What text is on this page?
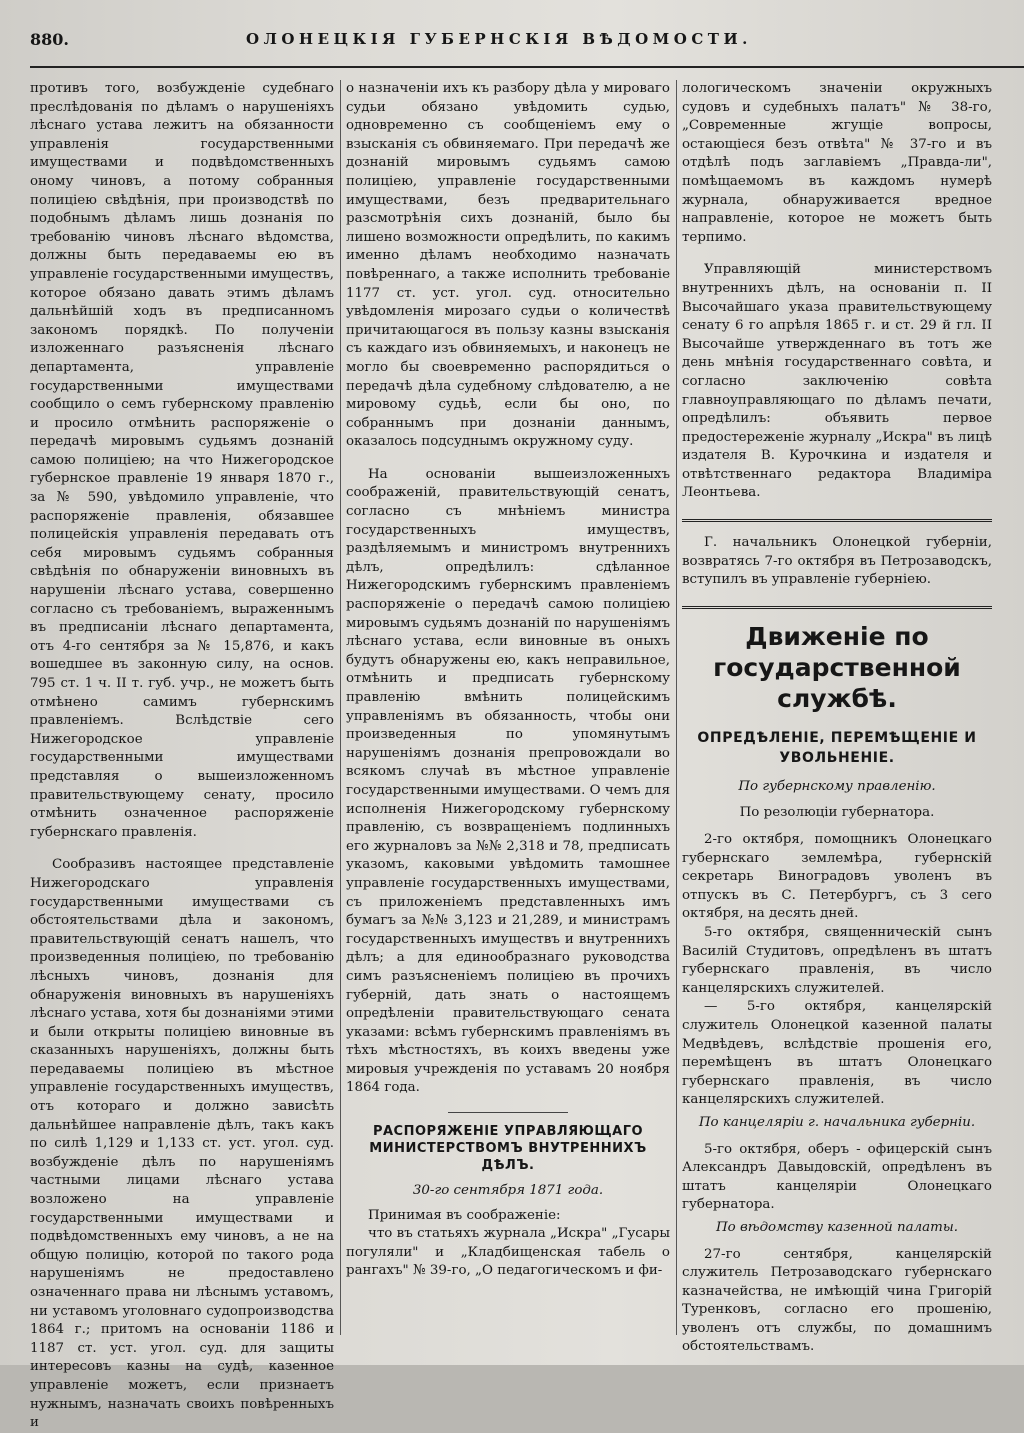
880.	ОЛОНЕЦКІЯ ГУБЕРНСКІЯ ВѢДОМОСТИ.

противъ того, возбужденіе судебнаго преслѣдованія по дѣламъ о нарушеніяхъ лѣснаго устава лежитъ на обязанности управленія государственными имуществами и подвѣдомственныхъ оному чиновъ, а потому собранныя полиціею свѣдѣнія, при производствѣ по подобнымъ дѣламъ лишь дознанія по требованію чиновъ лѣснаго вѣдомства, должны быть передаваемы ею въ управленіе государственными имуществъ, которое обязано давать этимъ дѣламъ дальнѣйшій ходъ въ предписанномъ закономъ порядкѣ. По полученіи изложеннаго разъясненія лѣснаго департамента, управленіе государственными имуществами сообщило о семъ губернскому правленію и просило отмѣнить распоряженіе о передачѣ мировымъ судьямъ дознаній самою полиціею; на что Нижегородское губернское правленіе 19 января 1870 г., за № 590, увѣдомило управленіе, что распоряженіе правленія, обязавшее полицейскія управленія передавать отъ себя мировымъ судьямъ собранныя свѣдѣнія по обнаруженіи виновныхъ въ нарушеніи лѣснаго устава, совершенно согласно съ требованіемъ, выраженнымъ въ предписаніи лѣснаго департамента, отъ 4-го сентября за № 15,876, и какъ вошедшее въ законную силу, на основ. 795 ст. 1 ч. II т. губ. учр., не можетъ быть отмѣнено самимъ губернскимъ правленіемъ. Вслѣдствіе сего Нижегородское управленіе государственными имуществами представляя о вышеизложенномъ правительствующему сенату, просило отмѣнить означенное распоряженіе губернскаго правленія.

Сообразивъ настоящее представленіе Нижегородскаго управленія государственными имуществами съ обстоятельствами дѣла и закономъ, правительствующій сенатъ нашелъ, что произведенныя полиціею, по требованію лѣсныхъ чиновъ, дознанія для обнаруженія виновныхъ въ нарушеніяхъ лѣснаго устава, хотя бы дознаніями этими и были открыты полиціею виновные въ сказанныхъ нарушеніяхъ, должны быть передаваемы полиціею въ мѣстное управленіе государственныхъ имуществъ, отъ котораго и должно зависѣть дальнѣйшее направленіе дѣлъ, такъ какъ по силѣ 1,129 и 1,133 ст. уст. угол. суд. возбужденіе дѣлъ по нарушеніямъ частными лицами лѣснаго устава возложено на управленіе государственными имуществами и подвѣдомственныхъ ему чиновъ, а не на общую полицію, которой по такого рода нарушеніямъ не предоставлено означеннаго права ни лѣснымъ уставомъ, ни уставомъ уголовнаго судопроизводства 1864 г.; притомъ на основаніи 1186 и 1187 ст. уст. угол. суд. для защиты интересовъ казны на судѣ, казенное управленіе можетъ, если признаетъ нужнымъ, назначать своихъ повѣренныхъ и

о назначеніи ихъ къ разбору дѣла у мироваго судьи обязано увѣдомить судью, одновременно съ сообщеніемъ ему о взысканія съ обвиняемаго. При передачѣ же дознаній мировымъ судьямъ самою полиціею, управленіе государственными имуществами, безъ предварительнаго разсмотрѣнія сихъ дознаній, было бы лишено возможности опредѣлить, по какимъ именно дѣламъ необходимо назначать повѣреннаго, а также исполнить требованіе 1177 ст. уст. угол. суд. относительно увѣдомленія мирозаго судьи о количествѣ причитающагося въ пользу казны взысканія съ каждаго изъ обвиняемыхъ, и наконецъ не могло бы своевременно распорядиться о передачѣ дѣла судебному слѣдователю, а не мировому судьѣ, если бы оно, по собраннымъ при дознаніи даннымъ, оказалось подсуднымъ окружному суду.

На основаніи вышеизложенныхъ соображеній, правительствующій сенатъ, согласно съ мнѣніемъ министра государственныхъ имуществъ, раздѣляемымъ и министромъ внутреннихъ дѣлъ, опредѣлилъ: сдѣланное Нижегородскимъ губернскимъ правленіемъ распоряженіе о передачѣ самою полиціею мировымъ судьямъ дознаній по нарушеніямъ лѣснаго устава, если виновные въ оныхъ будутъ обнаружены ею, какъ неправильное, отмѣнить и предписать губернскому правленію вмѣнить полицейскимъ управленіямъ въ обязанность, чтобы они произведенныя по упомянутымъ нарушеніямъ дознанія препровождали во всякомъ случаѣ въ мѣстное управленіе государственными имуществами. О чемъ для исполненія Нижегородскому губернскому правленію, съ возвращеніемъ подлинныхъ его журналовъ за №№ 2,318 и 78, предписать указомъ, каковыми увѣдомить тамошнее управленіе государственныхъ имуществами, съ приложеніемъ представленныхъ имъ бумагъ за №№ 3,123 и 21,289, и министрамъ государственныхъ имуществъ и внутреннихъ дѣлъ; а для единообразнаго руководства симъ разъясненіемъ полиціею въ прочихъ губерній, дать знать о настоящемъ опредѣленіи правительствующаго сената указами: всѣмъ губернскимъ правленіямъ въ тѣхъ мѣстностяхъ, въ коихъ введены уже мировыя учрежденія по уставамъ 20 ноября 1864 года.

РАСПОРЯЖЕНІЕ УПРАВЛЯЮЩАГО МИНИСТЕРСТВОМЪ ВНУТРЕННИХЪ ДѢЛЪ.
30-го сентября 1871 года.

Принимая въ соображеніе:

что въ статьяхъ журнала „Искра" „Гусары погуляли" и „Кладбищенская табель о рангахъ" № 39-го, „О педагогическомъ и фи-

лологическомъ значеніи окружныхъ судовъ и судебныхъ палатъ" № 38-го, „Современные жгущіе вопросы, остающіеся безъ отвѣта" № 37-го и въ отдѣлѣ подъ заглавіемъ „Правда-ли", помѣщаемомъ въ каждомъ нумерѣ журнала, обнаруживается вредное направленіе, которое не можетъ быть терпимо.

Управляющій министерствомъ внутреннихъ дѣлъ, на основаніи п. II Высочайшаго указа правительствующему сенату 6 го апрѣля 1865 г. и ст. 29 й гл. II Высочайше утвержденнаго въ тотъ же день мнѣнія государственнаго совѣта, и согласно заключенію совѣта главноуправляющаго по дѣламъ печати, опредѣлилъ: объявить первое предостереженіе журналу „Искра" въ лицѣ издателя В. Курочкина и издателя и отвѣтственнаго редактора Владиміра Леонтьева.

Г. начальникъ Олонецкой губерніи, возвратясь 7-го октября въ Петрозаводскъ, вступилъ въ управленіе губерніею.

Движеніе по государственной службѣ.
ОПРЕДѢЛЕНІЕ, ПЕРЕМѢЩЕНІЕ И УВОЛЬНЕНІЕ.

По губернскому правленію.

По резолюціи губернатора.

2-го октября, помощникъ Олонецкаго губернскаго землемѣра, губернскій секретарь Виноградовъ уволенъ въ отпускъ въ С. Петербургъ, съ 3 сего октября, на десять дней.

5-го октября, священническій сынъ Василій Студитовъ, опредѣленъ въ штатъ губернскаго правленія, въ число канцелярскихъ служителей.

— 5-го октября, канцелярскій служитель Олонецкой казенной палаты Медвѣдевъ, вслѣдствіе прошенія его, перемѣщенъ въ штатъ Олонецкаго губернскаго правленія, въ число канцелярскихъ служителей.

По канцеляріи г. начальника губерніи.

5-го октября, оберъ - офицерскій сынъ Александръ Давыдовскій, опредѣленъ въ штатъ канцеляріи Олонецкаго губернатора.

По вѣдомству казенной палаты.

27-го сентября, канцелярскій служитель Петрозаводскаго губернскаго казначейства, не имѣющій чина Григорій Туренковъ, согласно его прошенію, уволенъ отъ службы, по домашнимъ обстоятельствамъ.
